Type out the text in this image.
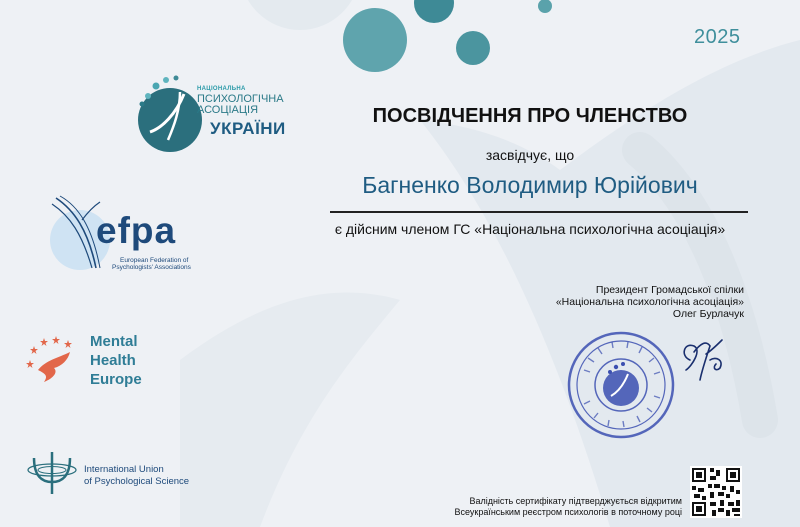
2025
НАЦІОНАЛЬНА
ПСИХОЛОГІЧНА
АСОЦІАЦІЯ
УКРАЇНИ
ПОСВІДЧЕННЯ ПРО ЧЛЕНСТВО
засвідчує, що
Багненко Володимир Юрійович
є дійсним членом ГС «Національна психологічна асоціація»
Президент Громадської спілки
«Національна психологічна асоціація»
Олег Бурлачук
efpa
European Federation of
Psychologists' Associations
Mental
Health
Europe
International Union
of Psychological Science
Валідність сертифікату підтверджується відкритим
Всеукраїнським реєстром психологів в поточному році
